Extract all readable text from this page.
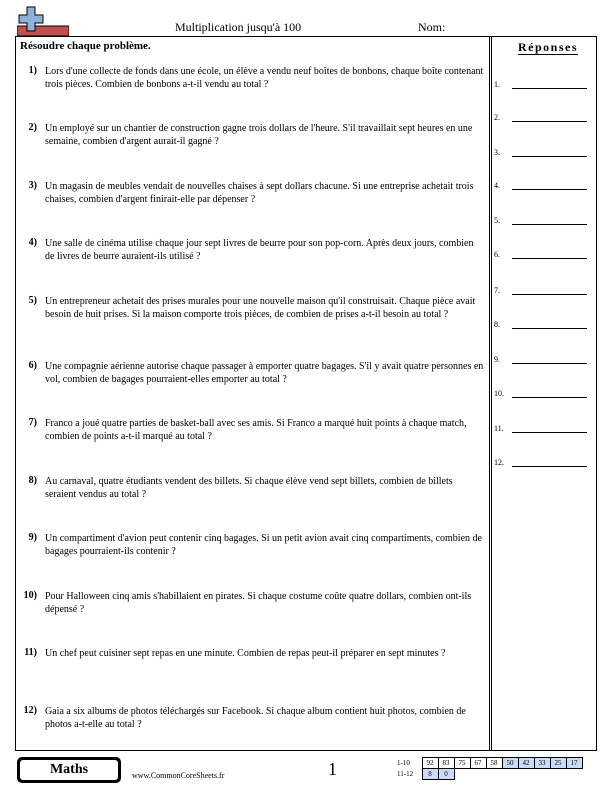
Multiplication jusqu'à 100	Nom:
Résoudre chaque problème.	Réponses
1.
2.
3.
4.
5.
6.
7.
8.
9.
10.
11.
12.
1) Lors d'une collecte de fonds dans une école, un élève a vendu neuf boîtes de bonbons, chaque boîte contenant trois pièces. Combien de bonbons a-t-il vendu au total ?
2) Un employé sur un chantier de construction gagne trois dollars de l'heure. S'il travaillait sept heures en une semaine, combien d'argent aurait-il gagné ?
3) Un magasin de meubles vendait de nouvelles chaises à sept dollars chacune. Si une entreprise achetait trois chaises, combien d'argent finirait-elle par dépenser ?
4) Une salle de cinéma utilise chaque jour sept livres de beurre pour son pop-corn. Après deux jours, combien de livres de beurre auraient-ils utilisé ?
5) Un entrepreneur achetait des prises murales pour une nouvelle maison qu'il construisait. Chaque pièce avait besoin de huit prises. Si la maison comporte trois pièces, de combien de prises a-t-il besoin au total ?
6) Une compagnie aérienne autorise chaque passager à emporter quatre bagages. S'il y avait quatre personnes en vol, combien de bagages pourraient-elles emporter au total ?
7) Franco a joué quatre parties de basket-ball avec ses amis. Si Franco a marqué huit points à chaque match, combien de points a-t-il marqué au total ?
8) Au carnaval, quatre étudiants vendent des billets. Si chaque élève vend sept billets, combien de billets seraient vendus au total ?
9) Un compartiment d'avion peut contenir cinq bagages. Si un petit avion avait cinq compartiments, combien de bagages pourraient-ils contenir ?
10) Pour Halloween cinq amis s'habillaient en pirates. Si chaque costume coûte quatre dollars, combien ont-ils dépensé ?
11) Un chef peut cuisiner sept repas en une minute. Combien de repas peut-il préparer en sept minutes ?
12) Gaia a six albums de photos téléchargés sur Facebook. Si chaque album contient huit photos, combien de photos a-t-elle au total ?
Maths	www.CommonCoreSheets.fr	1	1-10	92	83	75	67	58	50	42	33	25	17
11-12	8	0								
